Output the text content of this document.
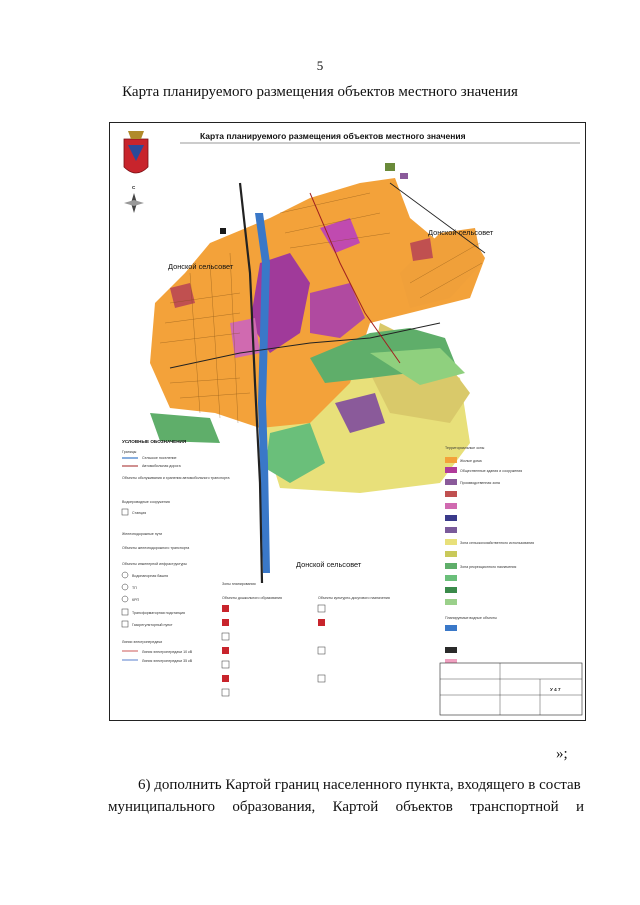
5
Карта планируемого размещения объектов местного значения
С
Карта планируемого размещения объектов местного значения
Донской сельсовет
Донской сельсовет
Донской сельсовет
УСЛОВНЫЕ ОБОЗНАЧЕНИЯ
Границы
Сельское поселение
Автомобильная дорога
Объекты обслуживания и хранения автомобильного транспорта
Водопроводные сооружения
Станция
Железнодорожные пути
Объекты железнодорожного транспорта
Объекты инженерной инфраструктуры
Водонапорная башня
ТП
КРП
Трансформаторная подстанция
Газорегуляторный пункт
Линии электропередачи
Линия электропередачи 10 кВ
Линия электропередачи 35 кВ
Зоны планирования
Объекты дошкольного образования	Объекты культурно-досугового назначения
Территориальные зоны
Жилые дома
Общественные здания и сооружения
Производственная зона
Зона сельскохозяйственного использования
Зона рекреационного назначения
Планируемые водные объекты
У 4 7
»;
6) дополнить Картой границ населенного пункта, входящего в состав
муниципального образования, Картой объектов транспортной и
